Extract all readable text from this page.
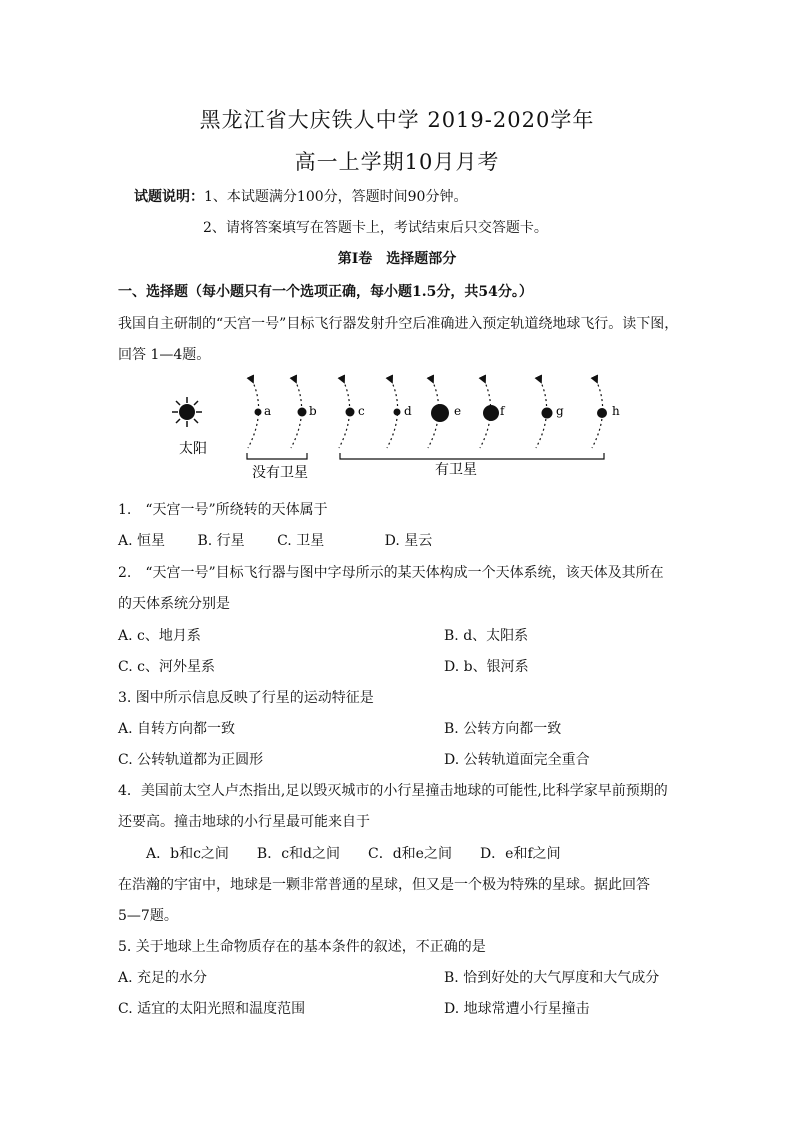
黑龙江省大庆铁人中学 2019-2020学年
高一上学期10月月考
试题说明：1、本试题满分100分，答题时间90分钟。
2、请将答案填写在答题卡上，考试结束后只交答题卡。
第Ⅰ卷　选择题部分
一、选择题（每小题只有一个选项正确，每小题1.5分，共54分。）
我国自主研制的“天宫一号”目标飞行器发射升空后准确进入预定轨道绕地球飞行。读下图，
回答 1—4题。
太阳
a	b	c	d	e	f	g	h
没有卫星	有卫星
1.　“天宫一号”所绕转的天体属于
A. 恒星　　 B. 行星　　 C. 卫星　　　　 D. 星云
2.　“天宫一号”目标飞行器与图中字母所示的某天体构成一个天体系统，该天体及其所在
的天体系统分别是
A. c、地月系	B. d、太阳系
C. c、河外星系	D. b、银河系
3. 图中所示信息反映了行星的运动特征是
A. 自转方向都一致	B. 公转方向都一致
C. 公转轨道都为正圆形	D. 公转轨道面完全重合
4．美国前太空人卢杰指出,足以毁灭城市的小行星撞击地球的可能性,比科学家早前预期的
还要高。撞击地球的小行星最可能来自于
A．b和c之间　　B．c和d之间　　C．d和e之间　　D．e和f之间
在浩瀚的宇宙中，地球是一颗非常普通的星球，但又是一个极为特殊的星球。据此回答
5—7题。
5. 关于地球上生命物质存在的基本条件的叙述，不正确的是
A. 充足的水分	B. 恰到好处的大气厚度和大气成分
C. 适宜的太阳光照和温度范围	D. 地球常遭小行星撞击
